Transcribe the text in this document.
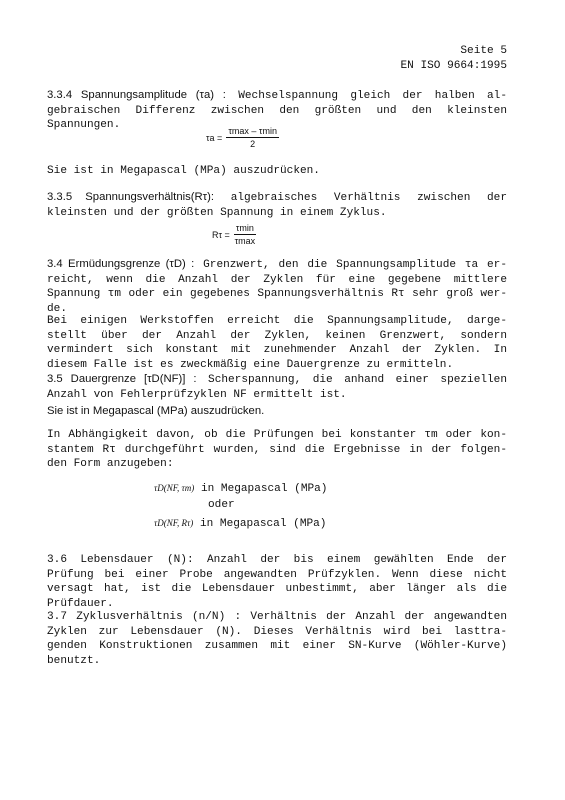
Seite 5
EN ISO 9664:1995
3.3.4 Spannungsamplitude (τa) : Wechselspannung gleich der halben al-
gebraischen Differenz zwischen den größten und den kleinsten
Spannungen.
$\tau a = \frac{\tau\max - \tau\min}{2}$
Sie ist in Megapascal (MPa) auszudrücken.
3.3.5 Spannungsverhältnis(Rτ): algebraisches Verhältnis zwischen der
kleinsten und der größten Spannung in einem Zyklus.
$R\tau = \frac{\tau\min}{\tau\max}$
3.4 Ermüdungsgrenze (τD) : Grenzwert, den die Spannungsamplitude τa er-
reicht, wenn die Anzahl der Zyklen für eine gegebene mittlere
Spannung τm oder ein gegebenes Spannungsverhältnis Rτ sehr groß wer-
de.
Bei einigen Werkstoffen erreicht die Spannungsamplitude, darge-
stellt über der Anzahl der Zyklen, keinen Grenzwert, sondern
vermindert sich konstant mit zunehmender Anzahl der Zyklen. In
diesem Falle ist es zweckmäßig eine Dauergrenze zu ermitteln.
3.5 Dauergrenze [τD(NF)] : Scherspannung, die anhand einer speziellen
Anzahl von Fehlerprüfzyklen NF ermittelt ist.
Sie ist in Megapascal (MPa) auszudrücken.
In Abhängigkeit davon, ob die Prüfungen bei konstanter τm oder kon-
stantem Rτ durchgeführt wurden, sind die Ergebnisse in der folgen-
den Form anzugeben:
τD(NF, τm) in Megapascal (MPa)
oder
τD(NF, Rτ) in Megapascal (MPa)
3.6 Lebensdauer (N): Anzahl der bis einem gewählten Ende der
Prüfung bei einer Probe angewandten Prüfzyklen. Wenn diese nicht
versagt hat, ist die Lebensdauer unbestimmt, aber länger als die
Prüfdauer.
3.7 Zyklusverhältnis (n/N) : Verhältnis der Anzahl der angewandten
Zyklen zur Lebensdauer (N). Dieses Verhältnis wird bei lasttra-
genden Konstruktionen zusammen mit einer SN-Kurve (Wöhler-Kurve)
benutzt.
